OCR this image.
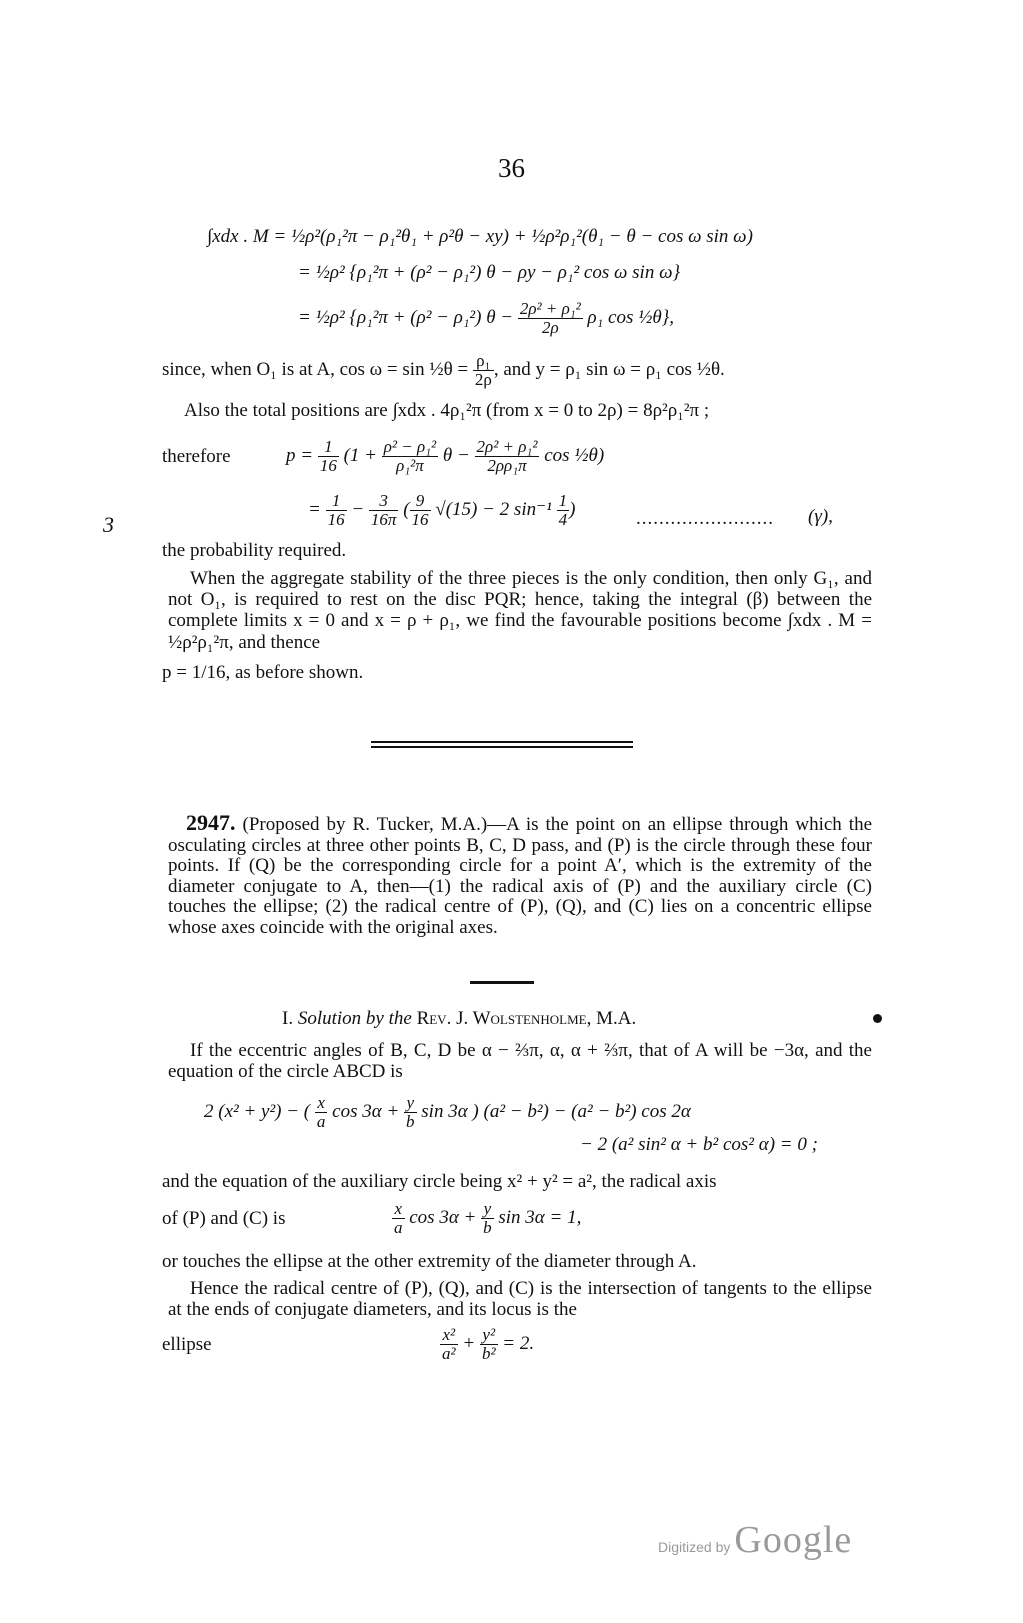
36
∫xdx . M = ½ρ²(ρ₁²π − ρ₁²θ₁ + ρ²θ − xy) + ½ρ²ρ₁²(θ₁ − θ − cos ω sin ω)
= ½ρ² {ρ₁²π + (ρ² − ρ₁²) θ − ρy − ρ₁² cos ω sin ω}
= ½ρ² {ρ₁²π + (ρ² − ρ₁²) $\theta - \frac{\text{2ρ² + ρ₁²}}{2\rho} \rho_1$ cos ½θ},
since, when O₁ is at A, cos ω = sin ½θ = $\frac{\text{ρ₁}}{2\rho}$ , and y = ρ₁ sin ω = ρ₁ cos ½θ.
Also the total positions are ∫xdx . 4ρ₁²π (from x = 0 to 2ρ) = 8ρ²ρ₁²π ;
therefore	$p = \frac{1}{16} (1 + \frac{\text{ρ² − ρ₁²}}{\text{ρ₁²π}}$ $\theta - \frac{\text{2ρ² + ρ₁²}}{\text{2ρρ₁π}}$ cos ½θ)
= $\frac{1}{16} - \frac{3}{16\pi}$ ( $\frac{9}{16} √(15) - 2$ $\sin^{-1} \frac{1}{4}$ )	........................ (γ),
3
the probability required.
When the aggregate stability of the three pieces is the only condition, then only G₁, and not O₁, is required to rest on the disc PQR; hence, taking the integral (β) between the complete limits x = 0 and x = ρ + ρ₁, we find the favourable positions become ∫xdx . M = ½ρ²ρ₁²π, and thence
p = 1/16, as before shown.
2947. (Proposed by R. Tucker, M.A.)—A is the point on an ellipse through which the osculating circles at three other points B, C, D pass, and (P) is the circle through these four points. If (Q) be the corresponding circle for a point A′, which is the extremity of the diameter conjugate to A, then—(1) the radical axis of (P) and the auxiliary circle (C) touches the ellipse; (2) the radical centre of (P), (Q), and (C) lies on a concentric ellipse whose axes coincide with the original axes.
I. Solution by the Rev. J. Wolstenholme, M.A.
If the eccentric angles of B, C, D be α − ⅔π, α, α + ⅔π, that of A will be −3α, and the equation of the circle ABCD is
2 (x² + y²) − ( $\frac{x}{a}$ $\cos 3\alpha + \frac{y}{b}$ sin 3α ) (a² − b²) − (a² − b²) cos 2α
− 2 (a² sin² α + b² cos² α) = 0 ;
and the equation of the auxiliary circle being x² + y² = a², the radical axis
of (P) and (C) is	$\frac{x}{a}$ $\cos 3\alpha + \frac{y}{b}$ sin 3α = 1,
or touches the ellipse at the other extremity of the diameter through A.
Hence the radical centre of (P), (Q), and (C) is the intersection of tangents to the ellipse at the ends of conjugate diameters, and its locus is the
ellipse	$\frac{\text{x²}}{\text{a²}} + \frac{\text{y²}}{\text{b²}} = 2$.
Digitized by Google
